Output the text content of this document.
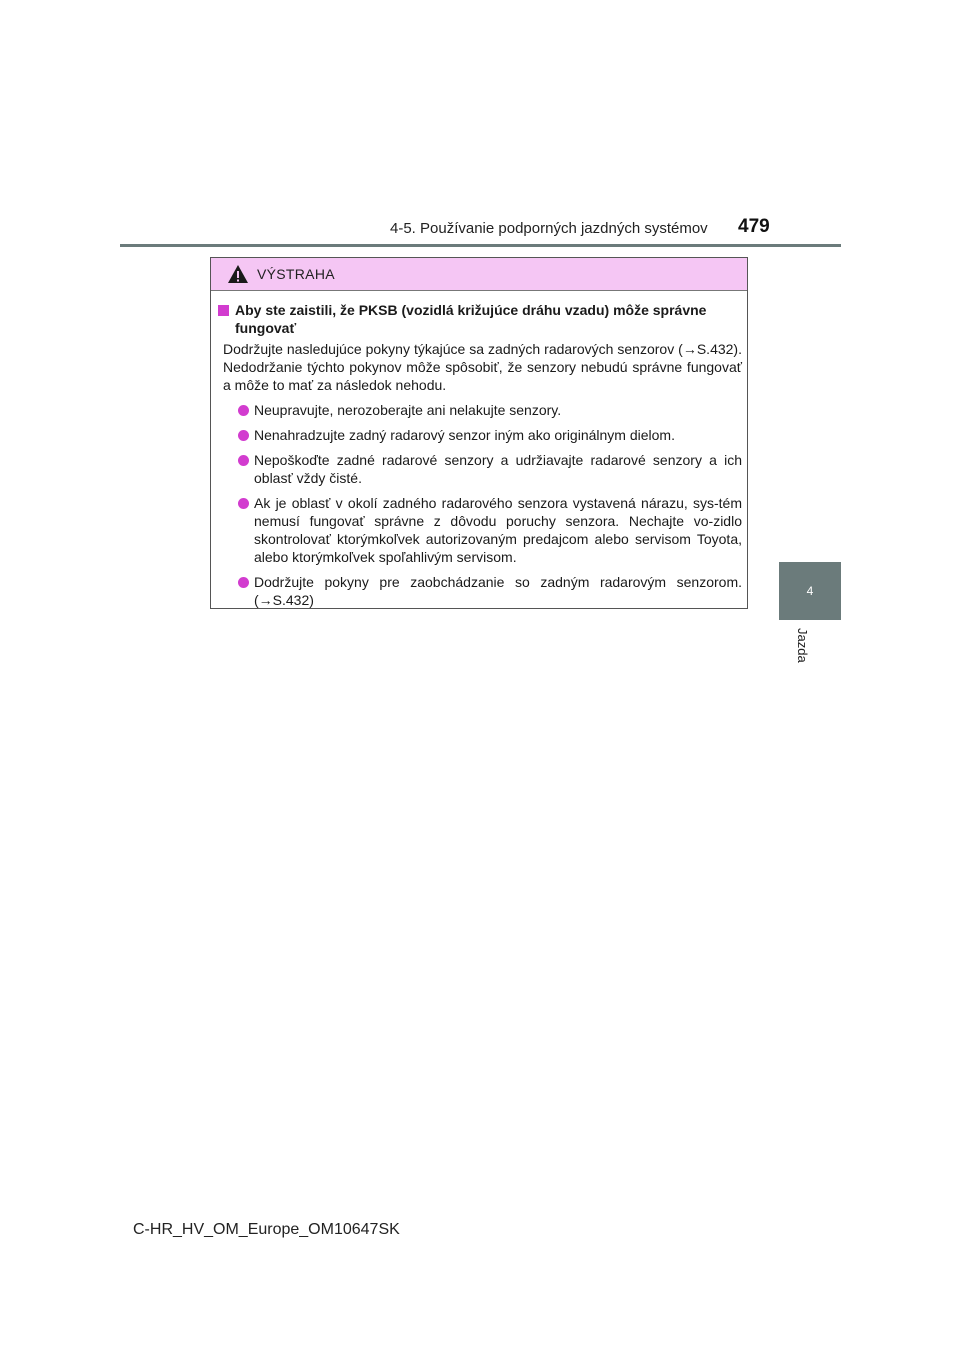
4-5. Používanie podporných jazdných systémov 479
4
Jazda
VÝSTRAHA
Aby ste zaistili, že PKSB (vozidlá križujúce dráhu vzadu) môže správne fungovať
Dodržujte nasledujúce pokyny týkajúce sa zadných radarových senzorov (→S.432). Nedodržanie týchto pokynov môže spôsobiť, že senzory nebudú správne fungovať a môže to mať za následok nehodu.
Neupravujte, nerozoberajte ani nelakujte senzory.
Nenahradzujte zadný radarový senzor iným ako originálnym dielom.
Nepoškoďte zadné radarové senzory a udržiavajte radarové senzory a ich oblasť vždy čisté.
Ak je oblasť v okolí zadného radarového senzora vystavená nárazu, sys-tém nemusí fungovať správne z dôvodu poruchy senzora. Nechajte vo-zidlo skontrolovať ktorýmkoľvek autorizovaným predajcom alebo servisom Toyota, alebo ktorýmkoľvek spoľahlivým servisom.
Dodržujte pokyny pre zaobchádzanie so zadným radarovým senzorom. (→S.432)
C-HR_HV_OM_Europe_OM10647SK
